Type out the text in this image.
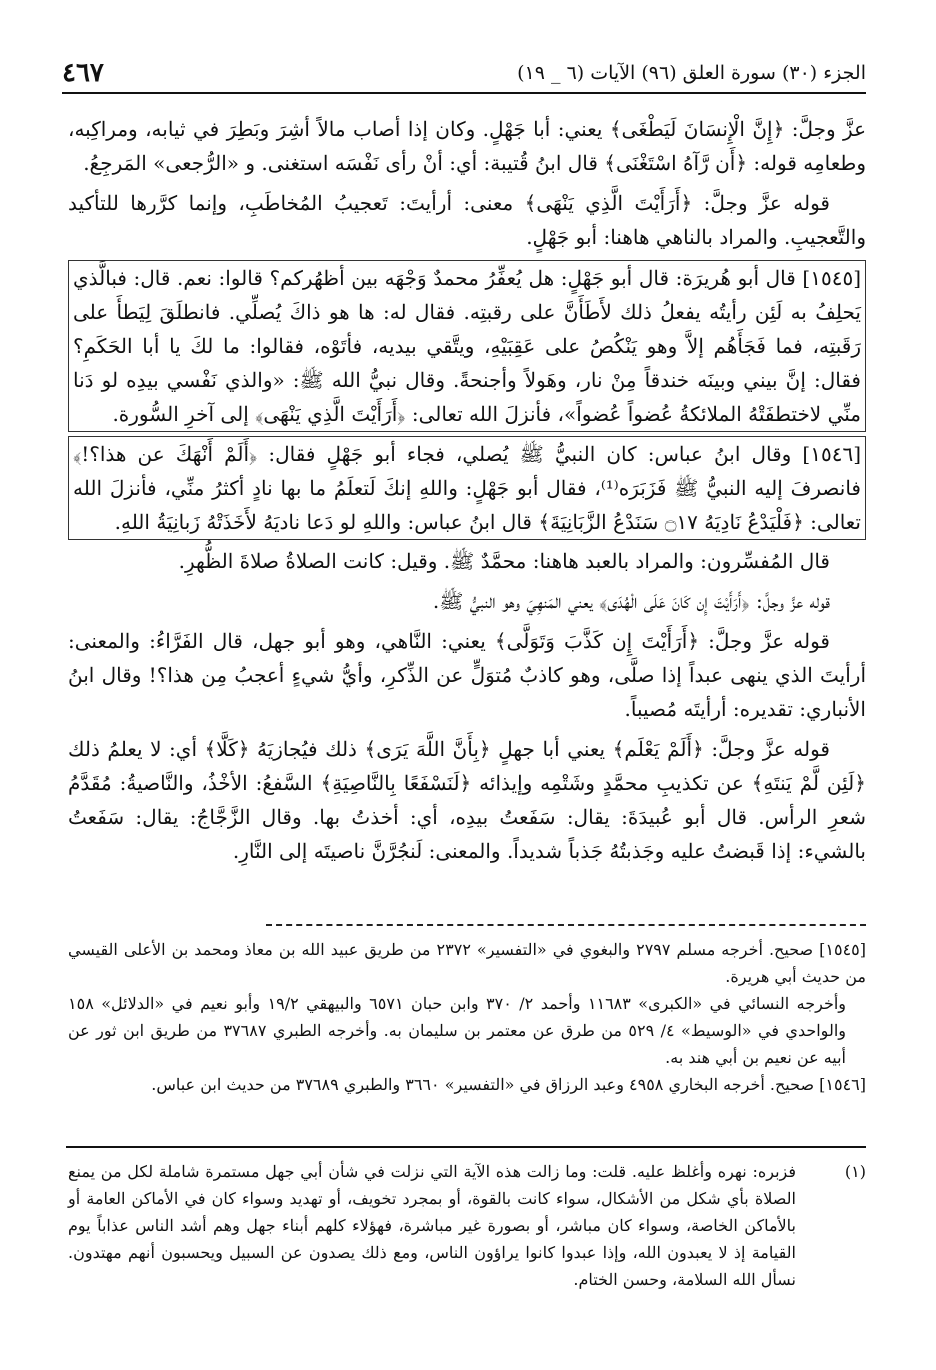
الجزء (٣٠) سورة العلق (٩٦) الآيات (٦ _ ١٩)
٤٦٧

عزَّ وجلَّ: ﴿إِنَّ الْإِنسَانَ لَيَطْغَى﴾ يعني: أبا جَهْلٍ. وكان إذا أصاب مالاً أشِرَ وبَطِرَ في ثيابه، ومراكِبه، وطعامِه قوله: ﴿أَن رَّآهُ اسْتَغْنَى﴾ قال ابنُ قُتيبة: أي: أنْ رأى نَفْسَه استغنى. و «الرُّجعى» المَرجِعُ.

قوله عزَّ وجلَّ: ﴿أَرَأَيْتَ الَّذِي يَنْهَى﴾ معنى: أرأيتَ: تَعجيبُ المُخاطَبِ، وإنما كرَّرها للتأكيد والتَّعجيبِ. والمراد بالناهي هاهنا: أبو جَهْلٍ.

[١٥٤٥] قال أبو هُريرَة: قال أبو جَهْلٍ: هل يُعفِّرُ محمدٌ وَجْهَه بين أظهُركم؟ قالوا: نعم. قال: فبالَّذي يَحلِفُ به لَئِن رأيتُه يفعلُ ذلك لأَطَأَنَّ على رقبتِه. فقال له: ها هو ذاكَ يُصلِّي. فانطلَقَ لِيَطأَ على رَقَبتِه، فما فَجَأَهُم إلاَّ وهو يَنْكُصُ على عَقِبَيْهِ، ويتَّقي بيديه، فأتَوْه، فقالوا: ما لكَ يا أبا الحَكَمِ؟ فقال: إنَّ بيني وبينَه خندقاً مِنْ نار، وهَولاً وأجنحةً. وقال نبيُّ الله ﷺ: «والذي نَفْسي بيدِه لو دَنا منِّي لاختطفَتْهُ الملائكةُ عُضواً عُضواً»، فأنزلَ الله تعالى: ﴿أَرَأَيْتَ الَّذِي يَنْهَى﴾ إلى آخرِ السُّورة.

[١٥٤٦] وقال ابنُ عباس: كان النبيُّ ﷺ يُصلي، فجاء أبو جَهْلٍ فقال: ﴿أَلَمْ أَنْهَكَ عن هذا؟!﴾ فانصرفَ إليه النبيُّ ﷺ فَزَبَرَه⁽¹⁾، فقال أبو جَهْلٍ: واللهِ إنكَ لَتعلَمُ ما بها نادٍ أكثرُ منِّي، فأنزلَ الله تعالى: ﴿فَلْيَدْعُ نَادِيَهُ ۝١٧ سَنَدْعُ الزَّبَانِيَةَ﴾ قال ابنُ عباس: واللهِ لو دَعا ناديَهُ لأَخَذَتْهُ زَبانِيَةُ اللهِ.

قال المُفسِّرون: والمراد بالعبد هاهنا: محمَّدٌ ﷺ. وقيل: كانت الصلاةُ صلاةَ الظُّهرِ.

قوله عزَّ وجلَّ: ﴿أَرَأَيْتَ إِن كَانَ عَلَى الْهُدَى﴾ يعني المَنهِيَ وهو النبيُّ ﷺ.

قوله عزَّ وجلَّ: ﴿أَرَأَيْتَ إِن كَذَّبَ وَتَوَلَّى﴾ يعني: النَّاهي، وهو أبو جهل، قال الفَرَّاءُ: والمعنى: أرأيتَ الذي ينهى عبداً إذا صلَّى، وهو كاذبٌ مُتوَلٍّ عن الذِّكرِ، وأيُّ شيءٍ أعجبُ مِن هذا؟! وقال ابنُ الأنباري: تقديره: أرأيتَه مُصيباً.

قوله عزَّ وجلَّ: ﴿أَلَمْ يَعْلَم﴾ يعني أبا جهلٍ ﴿بِأَنَّ اللَّهَ يَرَى﴾ ذلك فيُجازيَهُ ﴿كَلَّا﴾ أي: لا يعلمُ ذلك ﴿لَئِن لَّمْ يَنتَهِ﴾ عن تكذيبِ محمَّدٍ وشَتْمِه وإيذائه ﴿لَنَسْفَعًا بِالنَّاصِيَةِ﴾ السَّفعُ: الأخْذُ، والنَّاصيةُ: مُقَدَّمُ شعرِ الرأس. قال أبو عُبيدَةَ: يقال: سَفَعتُ بيدِه، أي: أخذتُ بها. وقال الزَّجَّاجُ: يقال: سَفَعتُ بالشيء: إذا قَبضتُ عليه وجَذبتُهُ جَذباً شديداً. والمعنى: لَنجُرَّنَّ ناصيتَه إلى النَّارِ.

[١٥٤٥] صحيح. أخرجه مسلم ٢٧٩٧ والبغوي في «التفسير» ٢٣٧٢ من طريق عبيد الله بن معاذ ومحمد بن الأعلى القيسي من حديث أبي هريرة.

وأخرجه النسائي في «الكبرى» ١١٦٨٣ وأحمد ٢/ ٣٧٠ وابن حبان ٦٥٧١ والبيهقي ١٩/٢ وأبو نعيم في «الدلائل» ١٥٨ والواحدي في «الوسيط» ٤/ ٥٢٩ من طرق عن معتمر بن سليمان به. وأخرجه الطبري ٣٧٦٨٧ من طريق ابن ثور عن أبيه عن نعيم بن أبي هند به.

[١٥٤٦] صحيح. أخرجه البخاري ٤٩٥٨ وعبد الرزاق في «التفسير» ٣٦٦٠ والطبري ٣٧٦٨٩ من حديث ابن عباس.

(١)
فزبره: نهره وأغلظ عليه. قلت: وما زالت هذه الآية التي نزلت في شأن أبي جهل مستمرة شاملة لكل من يمنع الصلاة بأي شكل من الأشكال، سواء كانت بالقوة، أو بمجرد تخويف، أو تهديد وسواء كان في الأماكن العامة أو بالأماكن الخاصة، وسواء كان مباشر، أو بصورة غير مباشرة، فهؤلاء كلهم أبناء جهل وهم أشد الناس عذاباً يوم القيامة إذ لا يعبدون الله، وإذا عبدوا كانوا يراؤون الناس، ومع ذلك يصدون عن السبيل ويحسبون أنهم مهتدون. نسأل الله السلامة، وحسن الختام.
